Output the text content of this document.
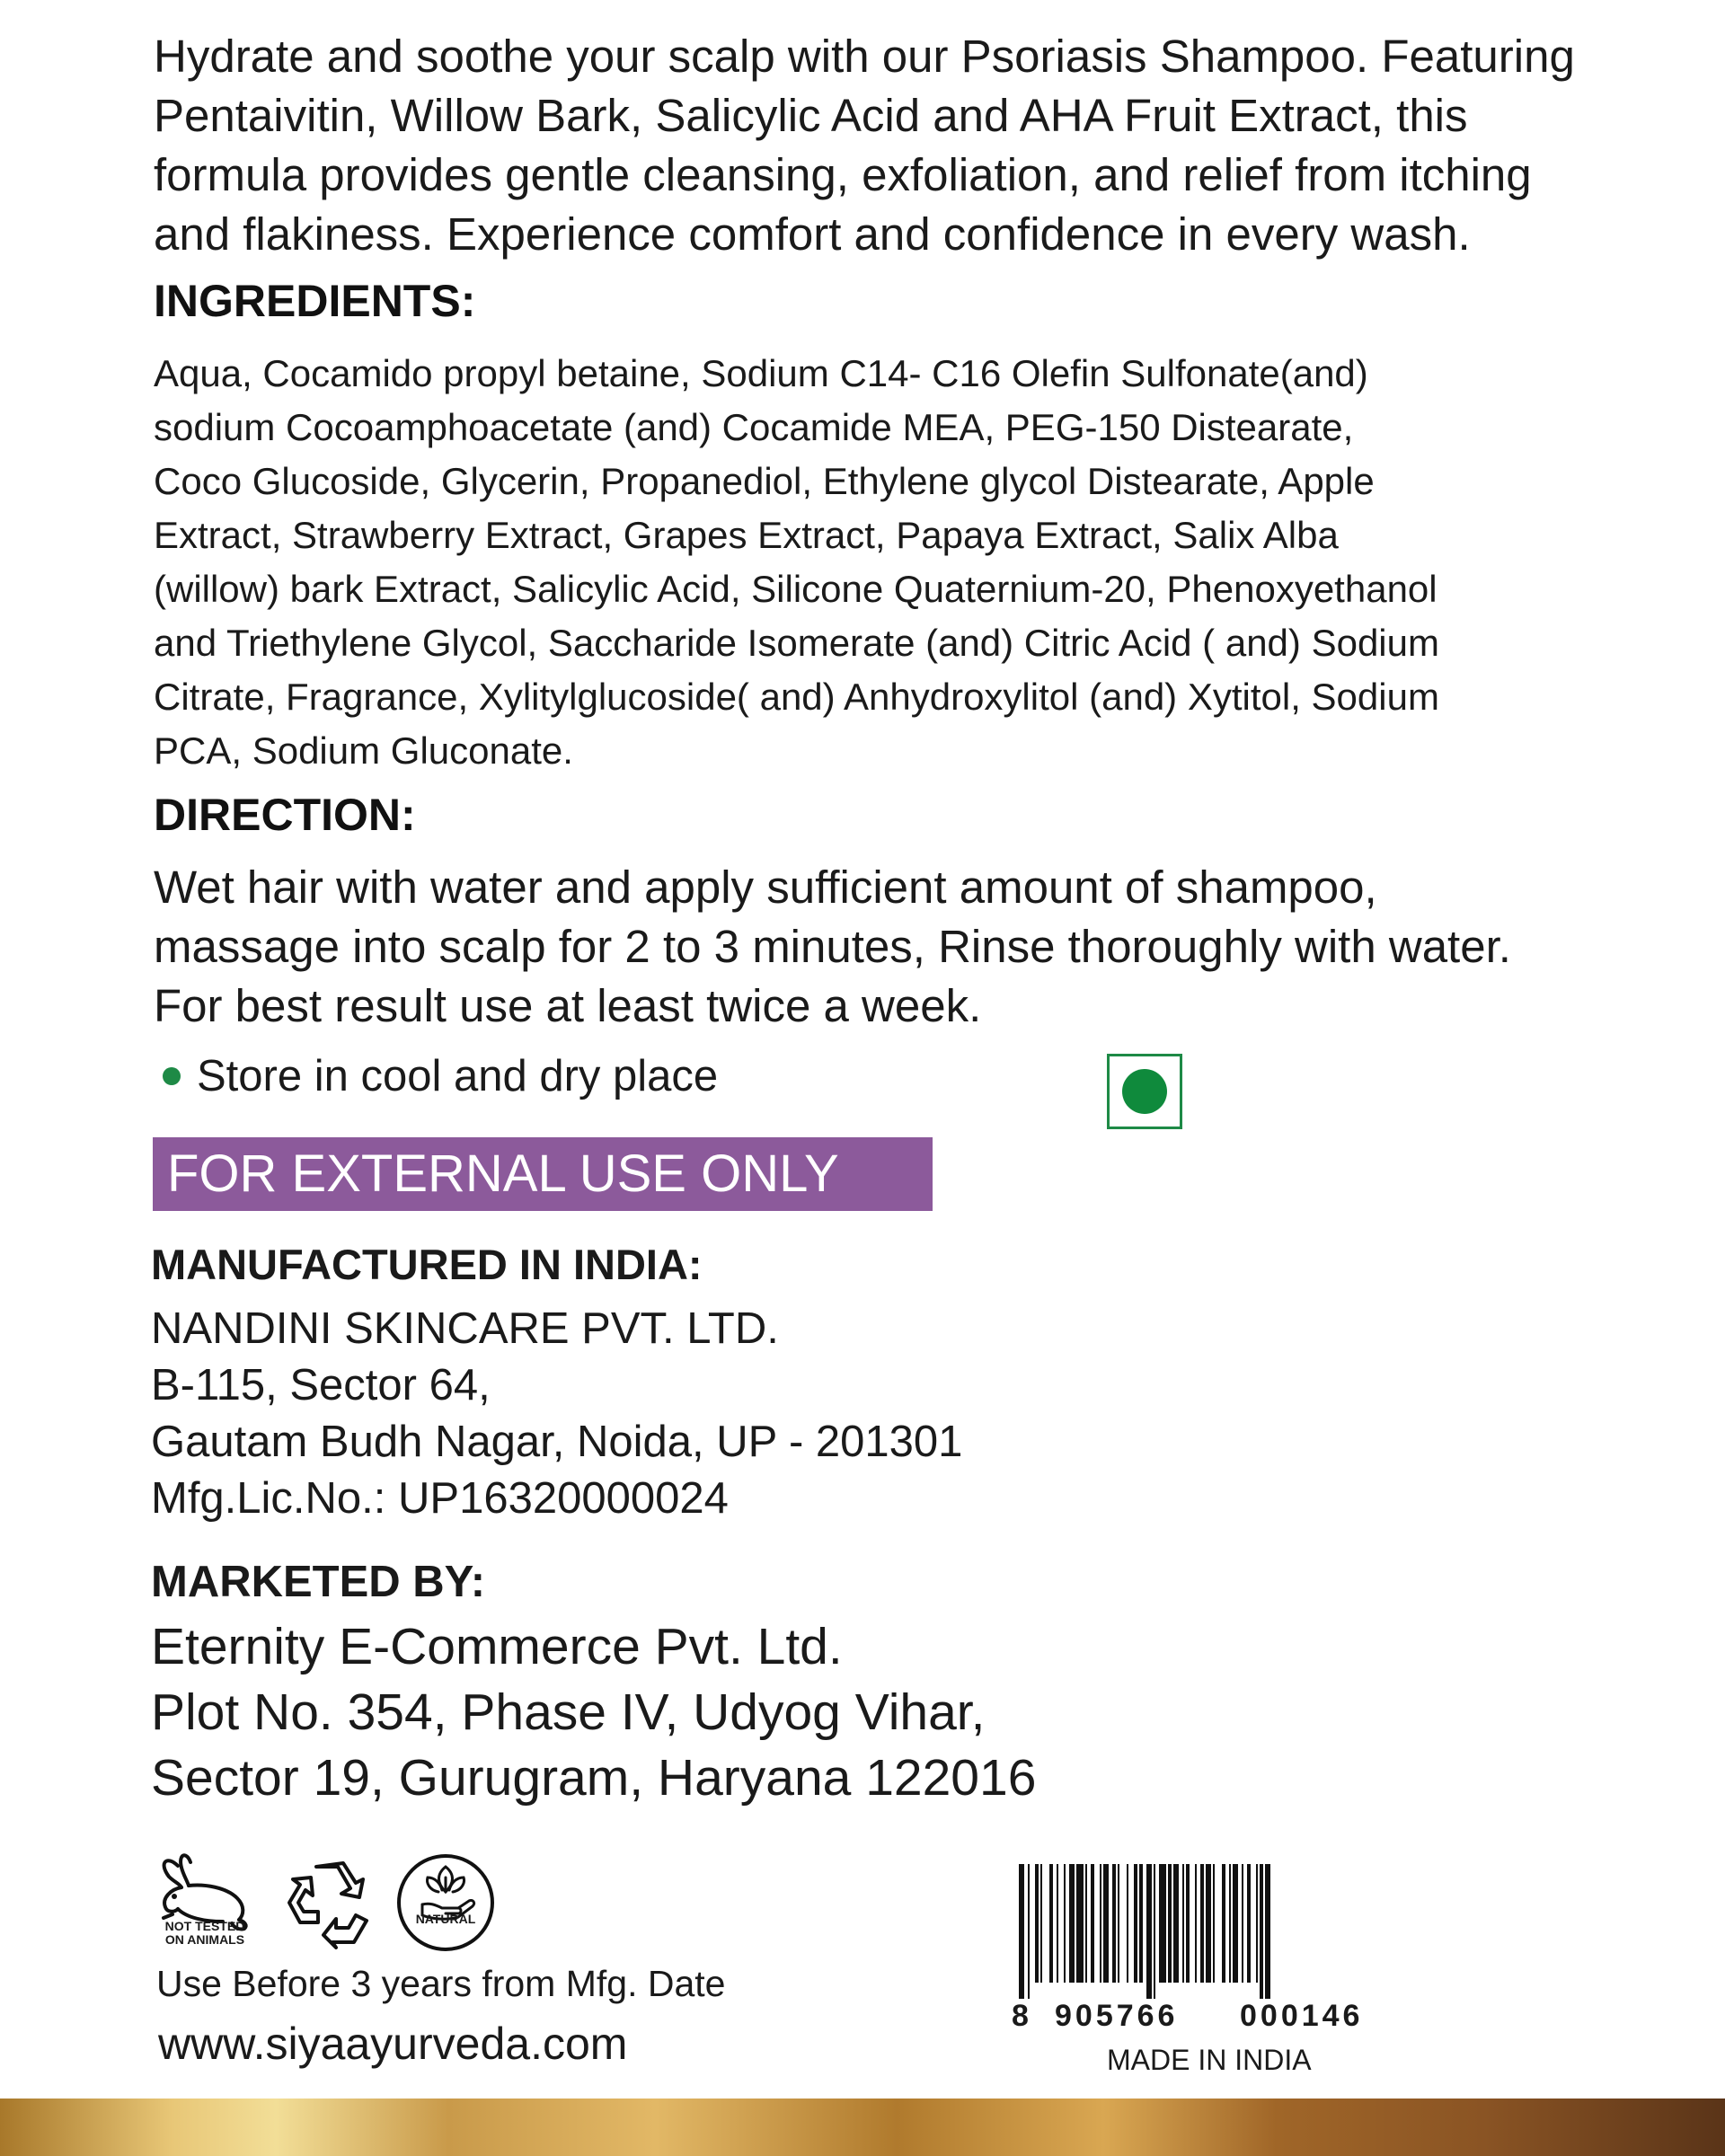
Hydrate and soothe your scalp with our Psoriasis Shampoo. Featuring

Pentaivitin, Willow Bark, Salicylic Acid and AHA Fruit Extract, this

formula provides gentle cleansing, exfoliation, and relief from itching

and flakiness. Experience comfort and confidence in every wash.

INGREDIENTS:

Aqua, Cocamido propyl betaine, Sodium C14- C16 Olefin Sulfonate(and)

sodium Cocoamphoacetate (and) Cocamide MEA, PEG-150 Distearate,

Coco Glucoside, Glycerin, Propanediol, Ethylene glycol Distearate, Apple

Extract, Strawberry Extract, Grapes Extract, Papaya Extract, Salix Alba

(willow) bark Extract, Salicylic Acid, Silicone Quaternium-20, Phenoxyethanol

and Triethylene Glycol, Saccharide Isomerate (and) Citric Acid ( and) Sodium

Citrate, Fragrance, Xylitylglucoside( and) Anhydroxylitol (and) Xytitol, Sodium

PCA, Sodium Gluconate.

DIRECTION:

Wet hair with water and apply sufficient amount of shampoo,

massage into scalp for 2 to 3 minutes, Rinse thoroughly with water.

For best result use at least twice a week.

Store in cool and dry place
FOR EXTERNAL USE ONLY
MANUFACTURED IN INDIA:

NANDINI SKINCARE PVT. LTD.

B-115, Sector 64,

Gautam Budh Nagar, Noida, UP - 201301

Mfg.Lic.No.: UP16320000024

MARKETED BY:

Eternity E-Commerce Pvt. Ltd.

Plot No. 354, Phase IV, Udyog Vihar,

Sector 19, Gurugram, Haryana 122016

NOT TESTED
ON ANIMALS
NATURAL
Use Before 3 years from Mfg. Date
www.siyaayurveda.com
8 905766 000146
MADE IN INDIA
